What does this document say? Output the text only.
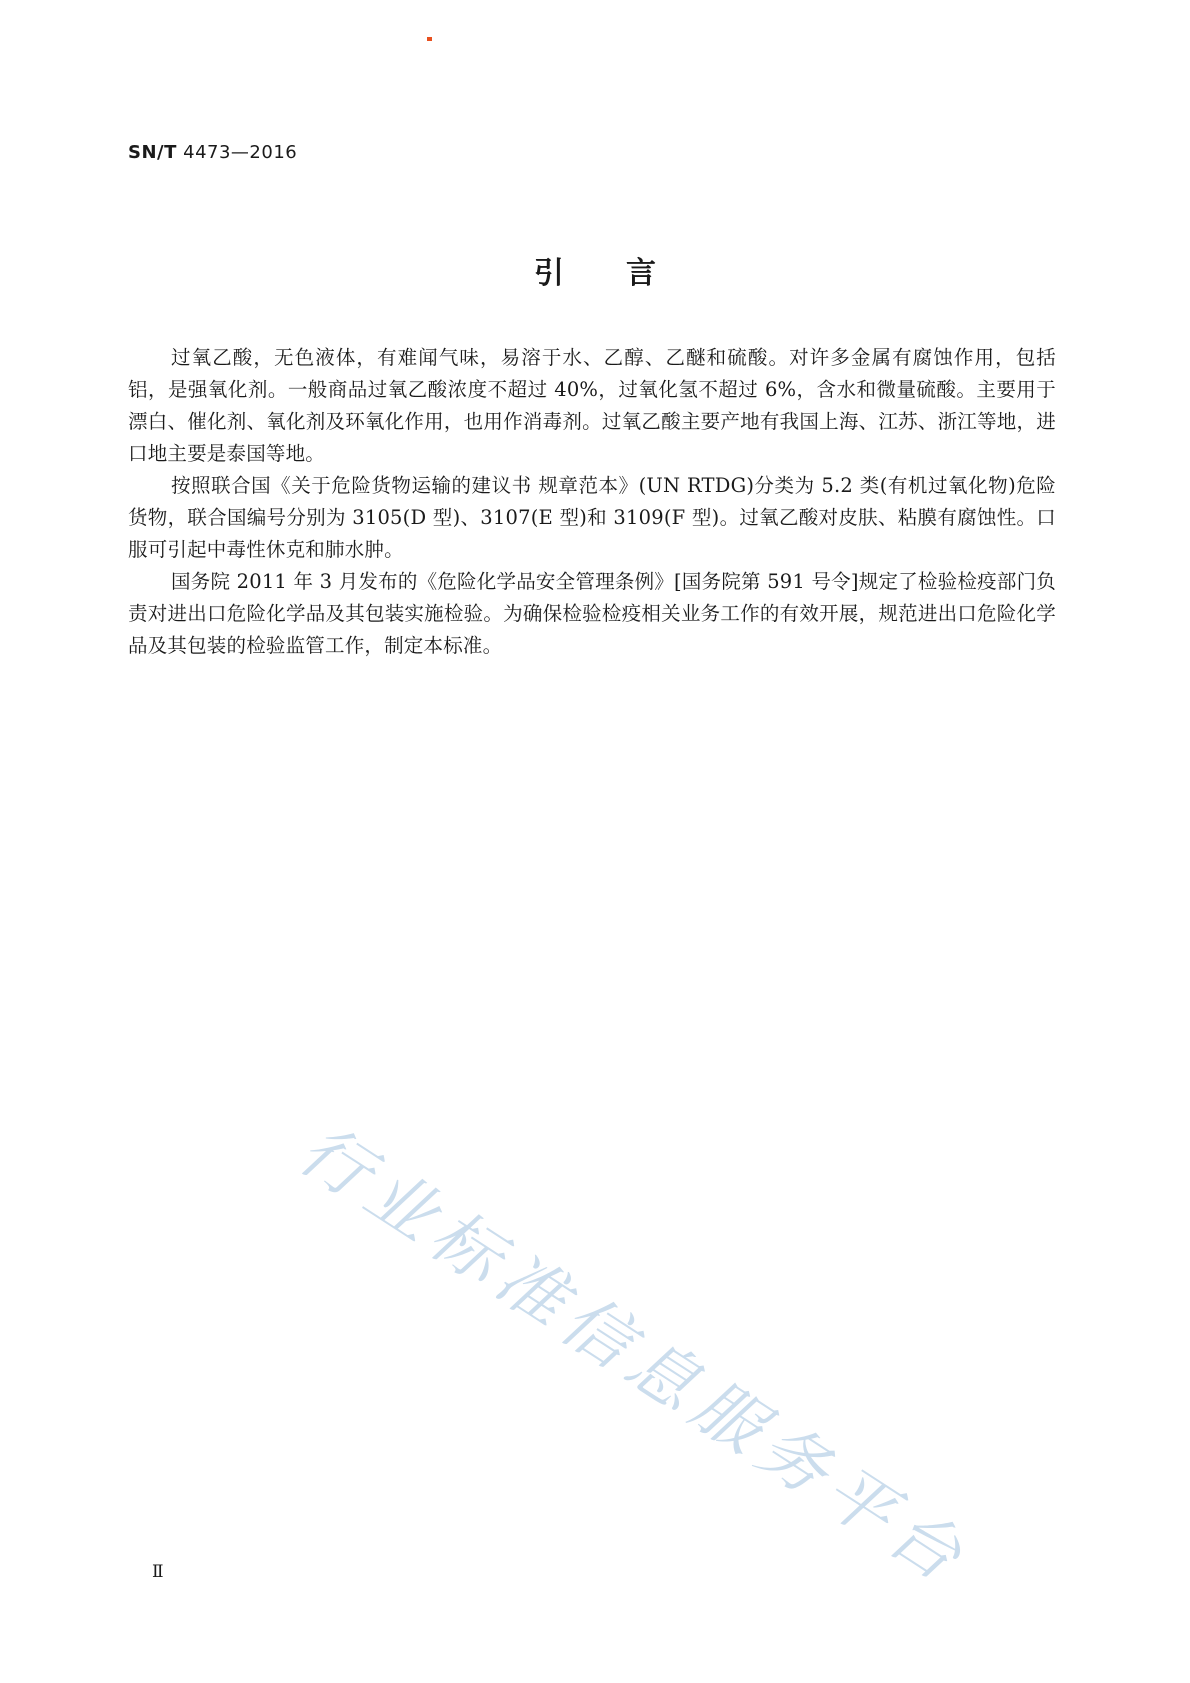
SN/T 4473—2016
引言

过氧乙酸，无色液体，有难闻气味，易溶于水、乙醇、乙醚和硫酸。对许多金属有腐蚀作用，包括铝，是强氧化剂。一般商品过氧乙酸浓度不超过 40%，过氧化氢不超过 6%，含水和微量硫酸。主要用于漂白、催化剂、氧化剂及环氧化作用，也用作消毒剂。过氧乙酸主要产地有我国上海、江苏、浙江等地，进口地主要是泰国等地。

按照联合国《关于危险货物运输的建议书 规章范本》(UN RTDG)分类为 5.2 类(有机过氧化物)危险货物，联合国编号分别为 3105(D 型)、3107(E 型)和 3109(F 型)。过氧乙酸对皮肤、粘膜有腐蚀性。口服可引起中毒性休克和肺水肿。

国务院 2011 年 3 月发布的《危险化学品安全管理条例》[国务院第 591 号令]规定了检验检疫部门负责对进出口危险化学品及其包装实施检验。为确保检验检疫相关业务工作的有效开展，规范进出口危险化学品及其包装的检验监管工作，制定本标准。

行业标准信息服务平台
Ⅱ
